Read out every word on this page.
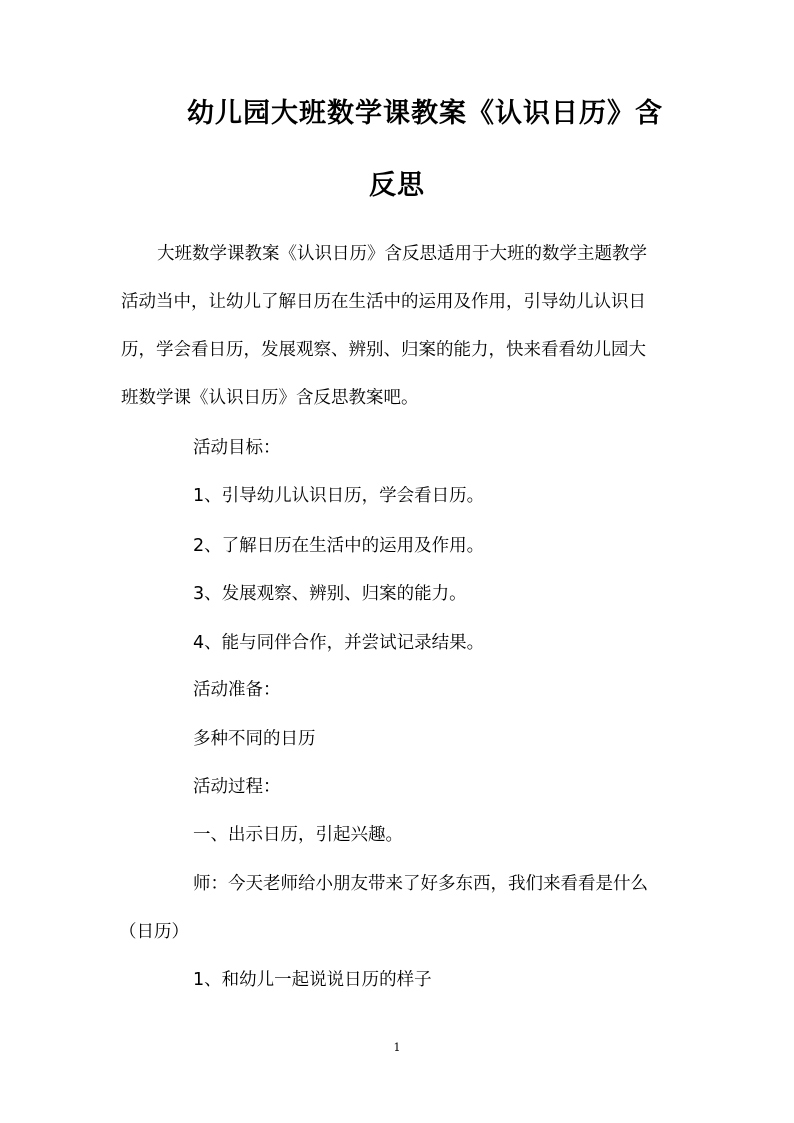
幼儿园大班数学课教案《认识日历》含
反思
大班数学课教案《认识日历》含反思适用于大班的数学主题教学
活动当中，让幼儿了解日历在生活中的运用及作用，引导幼儿认识日
历，学会看日历，发展观察、辨别、归案的能力，快来看看幼儿园大
班数学课《认识日历》含反思教案吧。
活动目标：
1、引导幼儿认识日历，学会看日历。
2、了解日历在生活中的运用及作用。
3、发展观察、辨别、归案的能力。
4、能与同伴合作，并尝试记录结果。
活动准备：
多种不同的日历
活动过程：
一、出示日历，引起兴趣。
师：今天老师给小朋友带来了好多东西，我们来看看是什么
（日历）
1、和幼儿一起说说日历的样子
1
